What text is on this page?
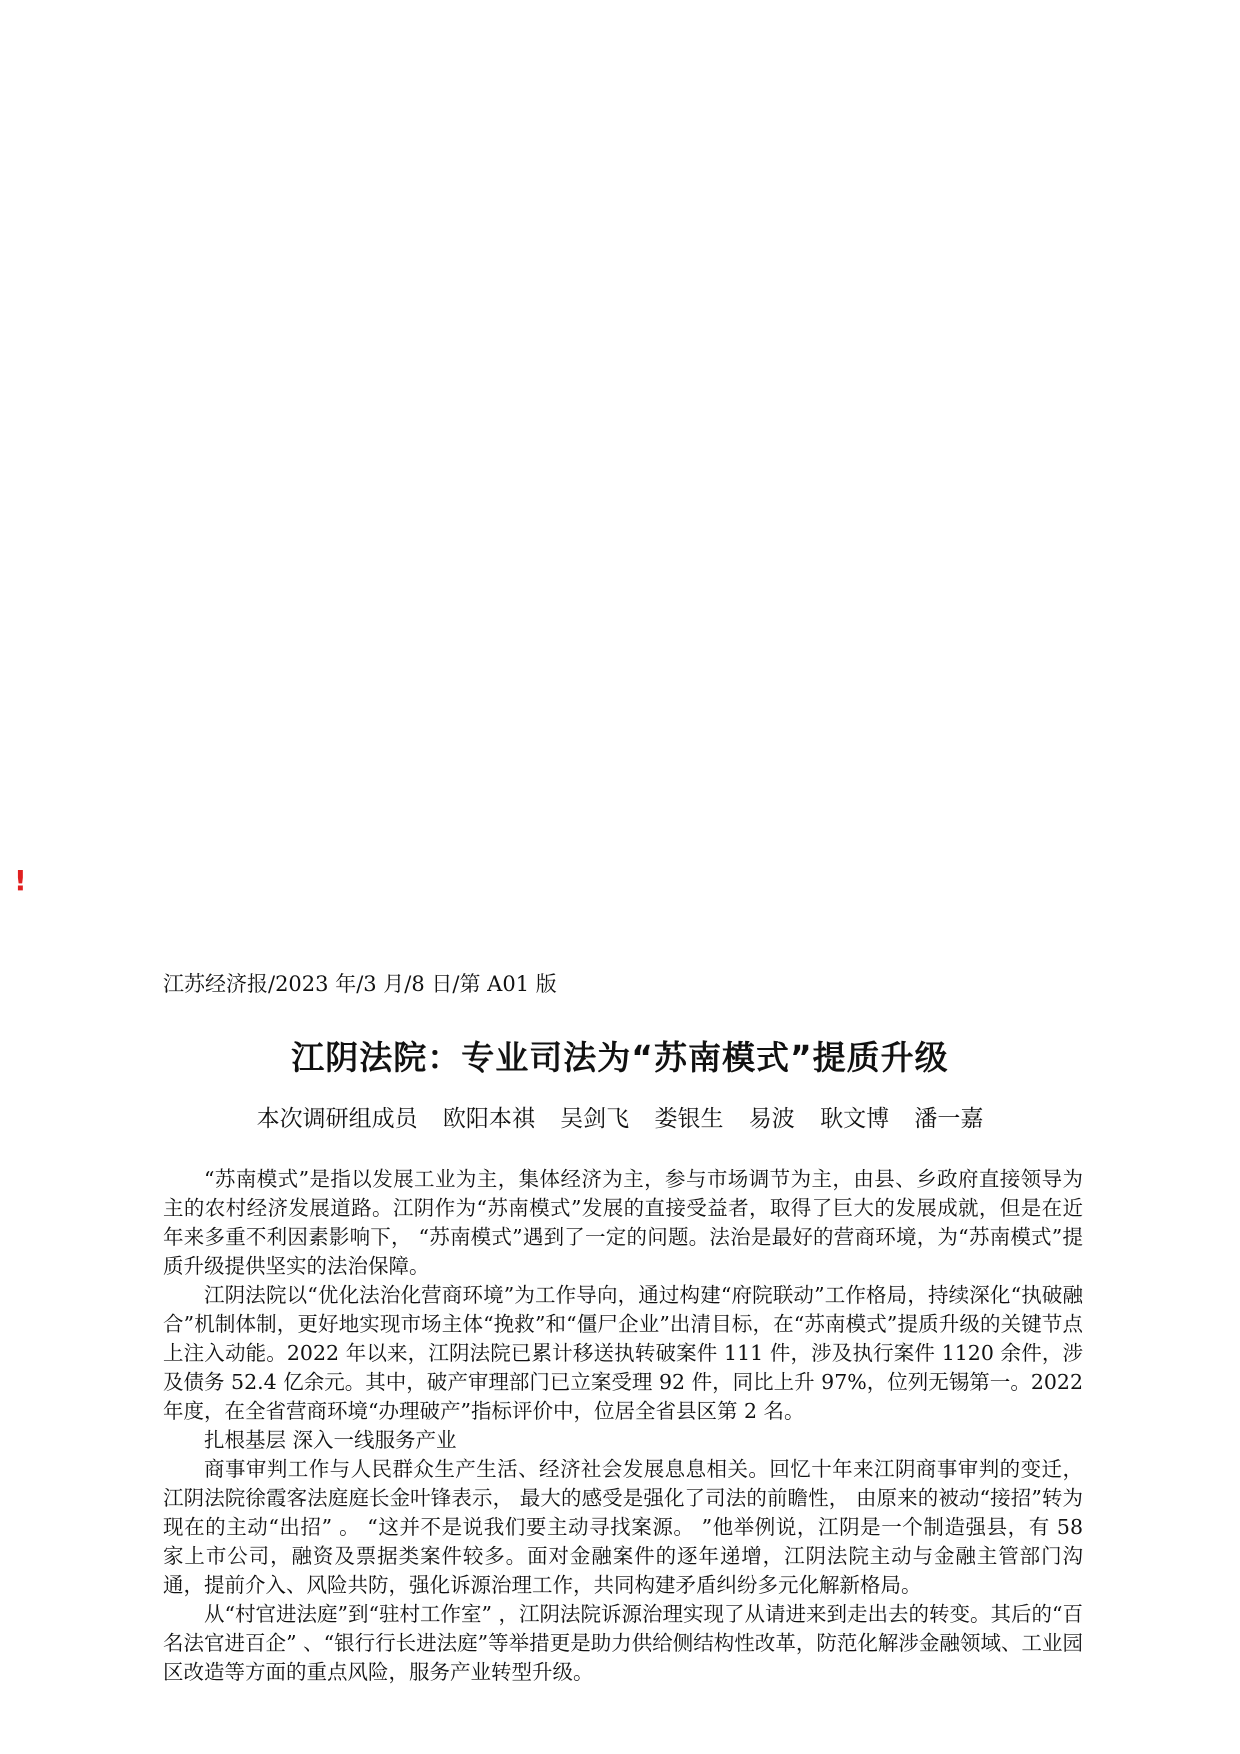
!
江苏经济报/2023 年/3 月/8 日/第 A01 版
江阴法院：专业司法为“苏南模式”提质升级
本次调研组成员 欧阳本祺 吴剑飞 娄银生 易波 耿文博 潘一嘉

“苏南模式”是指以发展工业为主，集体经济为主，参与市场调节为主，由县、乡政府直接领导为主的农村经济发展道路。江阴作为“苏南模式”发展的直接受益者，取得了巨大的发展成就，但是在近年来多重不利因素影响下， “苏南模式”遇到了一定的问题。法治是最好的营商环境，为“苏南模式”提质升级提供坚实的法治保障。

江阴法院以“优化法治化营商环境”为工作导向，通过构建“府院联动”工作格局，持续深化“执破融合”机制体制，更好地实现市场主体“挽救”和“僵尸企业”出清目标，在“苏南模式”提质升级的关键节点上注入动能。2022 年以来，江阴法院已累计移送执转破案件 111 件，涉及执行案件 1120 余件，涉及债务 52.4 亿余元。其中，破产审理部门已立案受理 92 件，同比上升 97%，位列无锡第一。2022 年度，在全省营商环境“办理破产”指标评价中，位居全省县区第 2 名。

扎根基层 深入一线服务产业

商事审判工作与人民群众生产生活、经济社会发展息息相关。回忆十年来江阴商事审判的变迁， 江阴法院徐霞客法庭庭长金叶锋表示， 最大的感受是强化了司法的前瞻性， 由原来的被动“接招”转为现在的主动“出招” 。 “这并不是说我们要主动寻找案源。 ”他举例说，江阴是一个制造强县，有 58 家上市公司，融资及票据类案件较多。面对金融案件的逐年递增，江阴法院主动与金融主管部门沟通，提前介入、风险共防，强化诉源治理工作，共同构建矛盾纠纷多元化解新格局。

从“村官进法庭”到“驻村工作室” ，江阴法院诉源治理实现了从请进来到走出去的转变。其后的“百名法官进百企” 、“银行行长进法庭”等举措更是助力供给侧结构性改革，防范化解涉金融领域、工业园区改造等方面的重点风险，服务产业转型升级。
